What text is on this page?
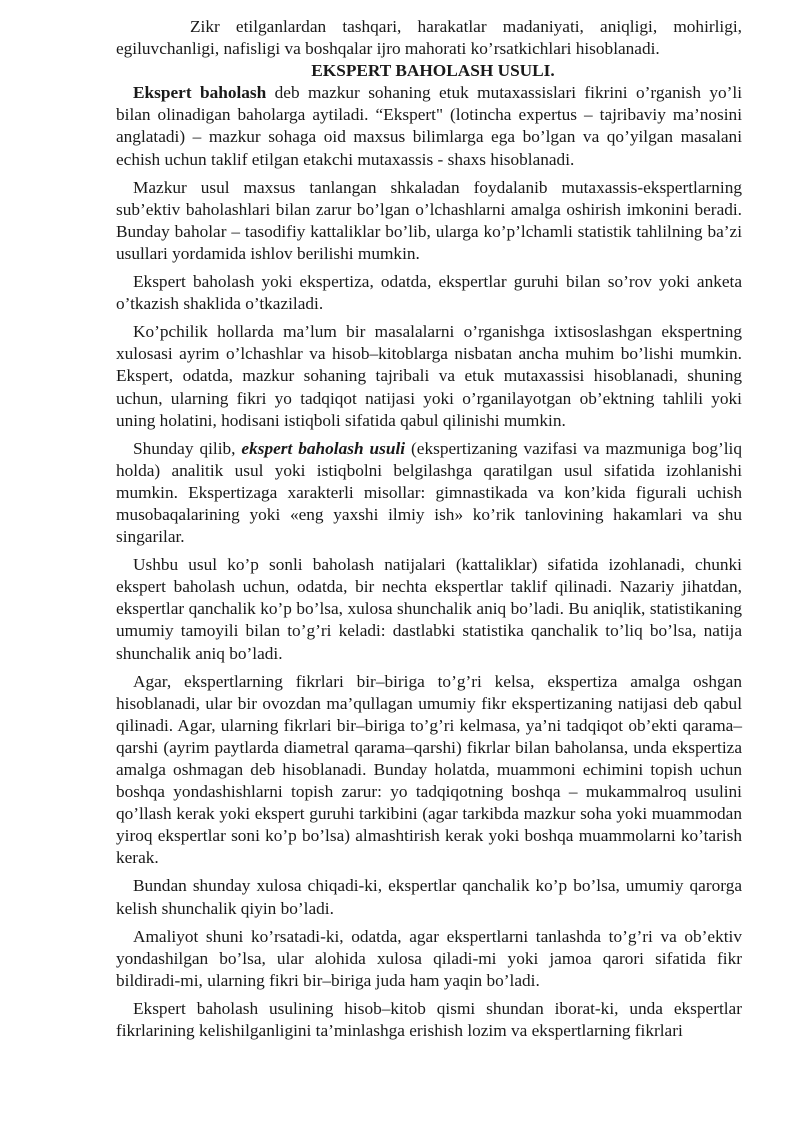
Zikr etilganlardan tashqari, harakatlar madaniyati, aniqligi, mohirligi, egiluvchanligi, nafisligi va boshqalar ijro mahorati ko’rsatkichlari hisoblanadi.

EKSPERT BAHOLASH USULI.

Ekspert baholash deb mazkur sohaning etuk mutaxassislari fikrini o’rganish yo’li bilan olinadigan baholarga aytiladi. “Ekspert" (lotincha expertus – tajribaviy ma’nosini anglatadi) – mazkur sohaga oid maxsus bilimlarga ega bo’lgan va qo’yilgan masalani echish uchun taklif etilgan etakchi mutaxassis - shaxs hisoblanadi.

Mazkur usul maxsus tanlangan shkaladan foydalanib mutaxassis-ekspertlarning sub’ektiv baholashlari bilan zarur bo’lgan o’lchashlarni amalga oshirish imkonini beradi. Bunday baholar – tasodifiy kattaliklar bo’lib, ularga ko’p’lchamli statistik tahlilning ba’zi usullari yordamida ishlov berilishi mumkin.

Ekspert baholash yoki ekspertiza, odatda, ekspertlar guruhi bilan so’rov yoki anketa o’tkazish shaklida o’tkaziladi.

Ko’pchilik hollarda ma’lum bir masalalarni o’rganishga ixtisoslashgan ekspertning xulosasi ayrim o’lchashlar va hisob–kitoblarga nisbatan ancha muhim bo’lishi mumkin. Ekspert, odatda, mazkur sohaning tajribali va etuk mutaxassisi hisoblanadi, shuning uchun, ularning fikri yo tadqiqot natijasi yoki o’rganilayotgan ob’ektning tahlili yoki uning holatini, hodisani istiqboli sifatida qabul qilinishi mumkin.

Shunday qilib, ekspert baholash usuli (ekspertizaning vazifasi va mazmuniga bog’liq holda) analitik usul yoki istiqbolni belgilashga qaratilgan usul sifatida izohlanishi mumkin. Ekspertizaga xarakterli misollar: gimnastikada va kon’kida figurali uchish musobaqalarining yoki «eng yaxshi ilmiy ish» ko’rik tanlovining hakamlari va shu singarilar.

Ushbu usul ko’p sonli baholash natijalari (kattaliklar) sifatida izohlanadi, chunki ekspert baholash uchun, odatda, bir nechta ekspertlar taklif qilinadi. Nazariy jihatdan, ekspertlar qanchalik ko’p bo’lsa, xulosa shunchalik aniq bo’ladi. Bu aniqlik, statistikaning umumiy tamoyili bilan to’g’ri keladi: dastlabki statistika qanchalik to’liq bo’lsa, natija shunchalik aniq bo’ladi.

Agar, ekspertlarning fikrlari bir–biriga to’g’ri kelsa, ekspertiza amalga oshgan hisoblanadi, ular bir ovozdan ma’qullagan umumiy fikr ekspertizaning natijasi deb qabul qilinadi. Agar, ularning fikrlari bir–biriga to’g’ri kelmasa, ya’ni tadqiqot ob’ekti qarama–qarshi (ayrim paytlarda diametral qarama–qarshi) fikrlar bilan baholansa, unda ekspertiza amalga oshmagan deb hisoblanadi. Bunday holatda, muammoni echimini topish uchun boshqa yondashishlarni topish zarur: yo tadqiqotning boshqa – mukammalroq usulini qo’llash kerak yoki ekspert guruhi tarkibini (agar tarkibda mazkur soha yoki muammodan yiroq ekspertlar soni ko’p bo’lsa) almashtirish kerak yoki boshqa muammolarni ko’tarish kerak.

Bundan shunday xulosa chiqadi-ki, ekspertlar qanchalik ko’p bo’lsa, umumiy qarorga kelish shunchalik qiyin bo’ladi.

Amaliyot shuni ko’rsatadi-ki, odatda, agar ekspertlarni tanlashda to’g’ri va ob’ektiv yondashilgan bo’lsa, ular alohida xulosa qiladi-mi yoki jamoa qarori sifatida fikr bildiradi-mi, ularning fikri bir–biriga juda ham yaqin bo’ladi.

Ekspert baholash usulining hisob–kitob qismi shundan iborat-ki, unda ekspertlar fikrlarining kelishilganligini ta’minlashga erishish lozim va ekspertlarning fikrlari
